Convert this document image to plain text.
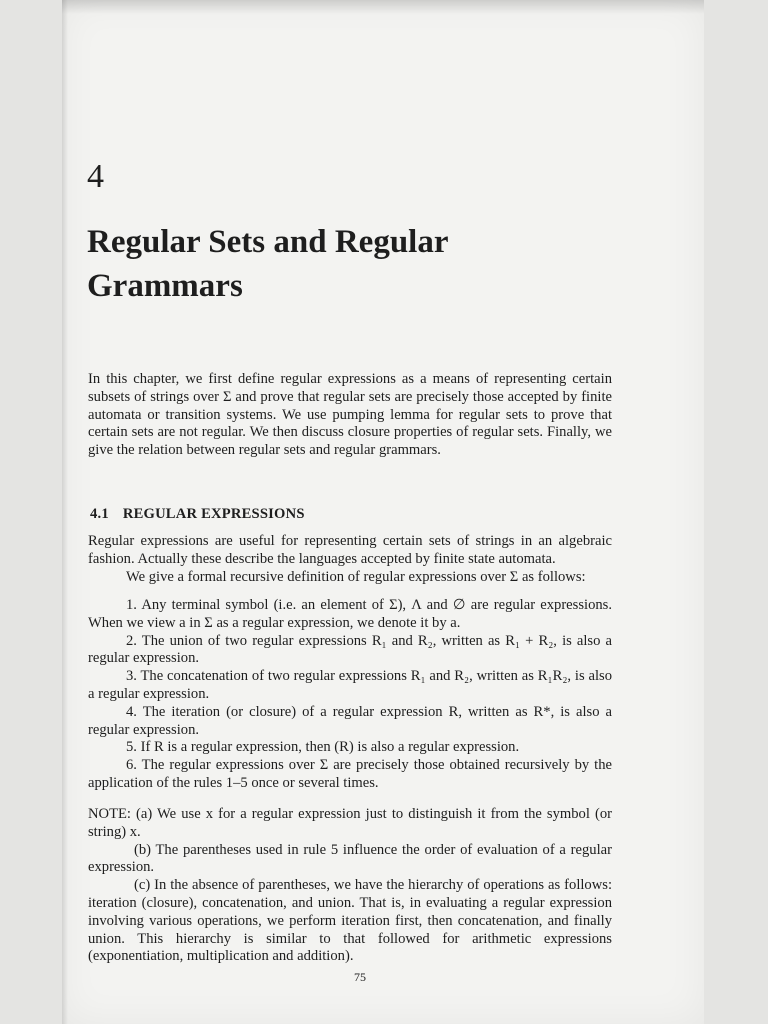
4
Regular Sets and Regular Grammars

In this chapter, we first define regular expressions as a means of representing certain subsets of strings over Σ and prove that regular sets are precisely those accepted by finite automata or transition systems. We use pumping lemma for regular sets to prove that certain sets are not regular. We then discuss closure properties of regular sets. Finally, we give the relation between regular sets and regular grammars.

4.1 REGULAR EXPRESSIONS

Regular expressions are useful for representing certain sets of strings in an algebraic fashion. Actually these describe the languages accepted by finite state automata.
We give a formal recursive definition of regular expressions over Σ as follows:

1. Any terminal symbol (i.e. an element of Σ), Λ and ∅ are regular expressions. When we view a in Σ as a regular expression, we denote it by a.
2. The union of two regular expressions R₁ and R₂, written as R₁ + R₂, is also a regular expression.
3. The concatenation of two regular expressions R₁ and R₂, written as R₁R₂, is also a regular expression.
4. The iteration (or closure) of a regular expression R, written as R*, is also a regular expression.
5. If R is a regular expression, then (R) is also a regular expression.
6. The regular expressions over Σ are precisely those obtained recursively by the application of the rules 1–5 once or several times.

NOTE: (a) We use x for a regular expression just to distinguish it from the symbol (or string) x.
(b) The parentheses used in rule 5 influence the order of evaluation of a regular expression.
(c) In the absence of parentheses, we have the hierarchy of operations as follows: iteration (closure), concatenation, and union. That is, in evaluating a regular expression involving various operations, we perform iteration first, then concatenation, and finally union. This hierarchy is similar to that followed for arithmetic expressions (exponentiation, multiplication and addition).

75
